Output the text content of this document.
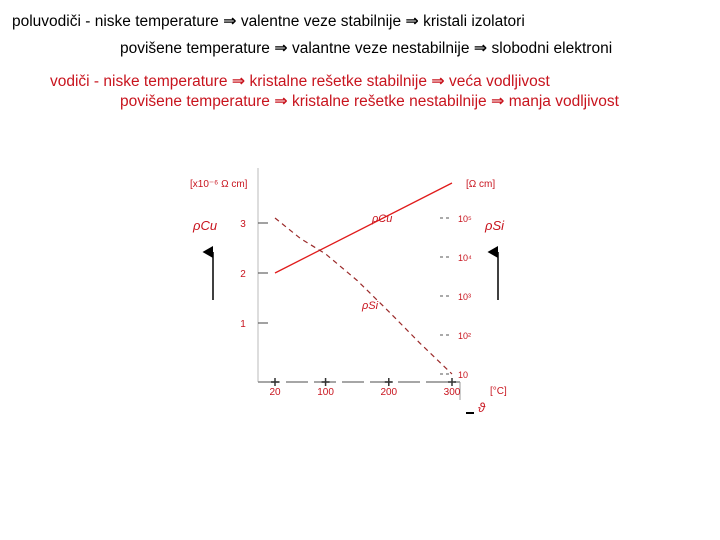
poluvodiči - niske temperature ⇒ valentne veze stabilnije ⇒ kristali izolatori
povišene temperature ⇒ valantne veze nestabilnije ⇒ slobodni elektroni
vodiči - niske temperature ⇒ kristalne rešetke stabilnije ⇒ veća vodljivost
povišene temperature ⇒ kristalne rešetke nestabilnije ⇒ manja vodljivost
[x10⁻⁶ Ω cm]	[Ω cm]
ρCu	ρSi
[°C]
ϑ
20	100	200	300
1
2
3
10
10²
10³
10⁴
10⁵
ρCu
ρSi
